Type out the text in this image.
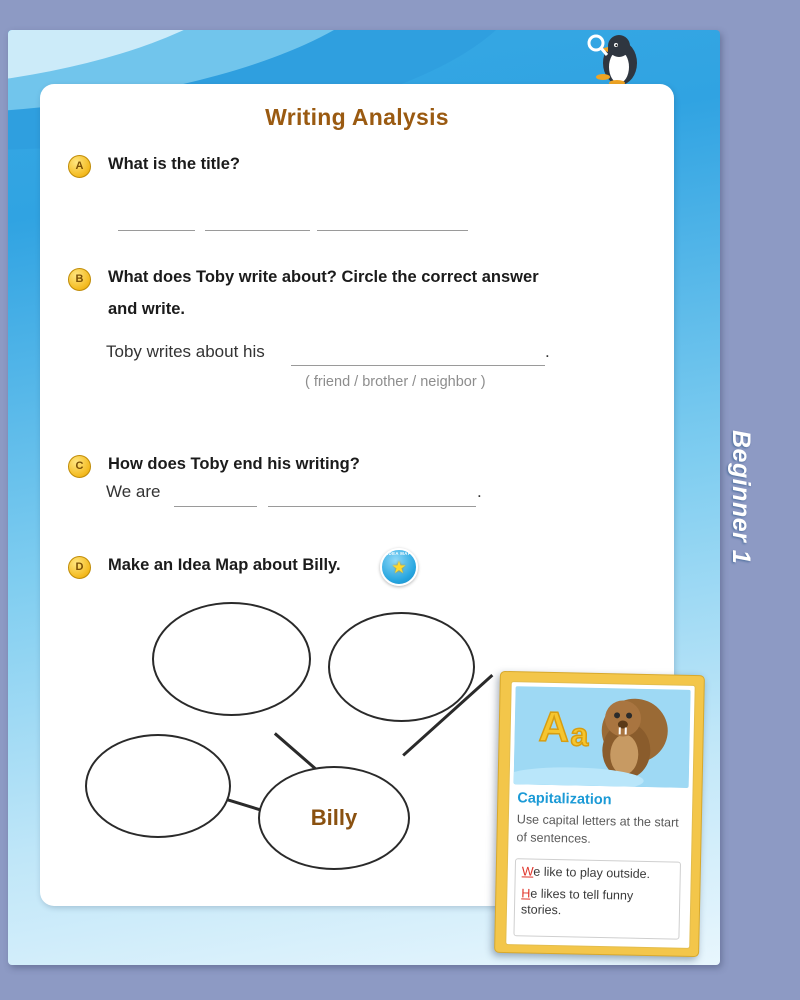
Writing Analysis
A	What is the title?
B	What does Toby write about? Circle the correct answer
and write.
Toby writes about his	.
( friend / brother / neighbor )
C	How does Toby end his writing?
We are	.
D	Make an Idea Map about Billy.
IDEA MAP
★
Billy
Beginner 1
A a
Capitalization
Use capital letters at the start of sentences.
We like to play outside.
He likes to tell funny stories.
